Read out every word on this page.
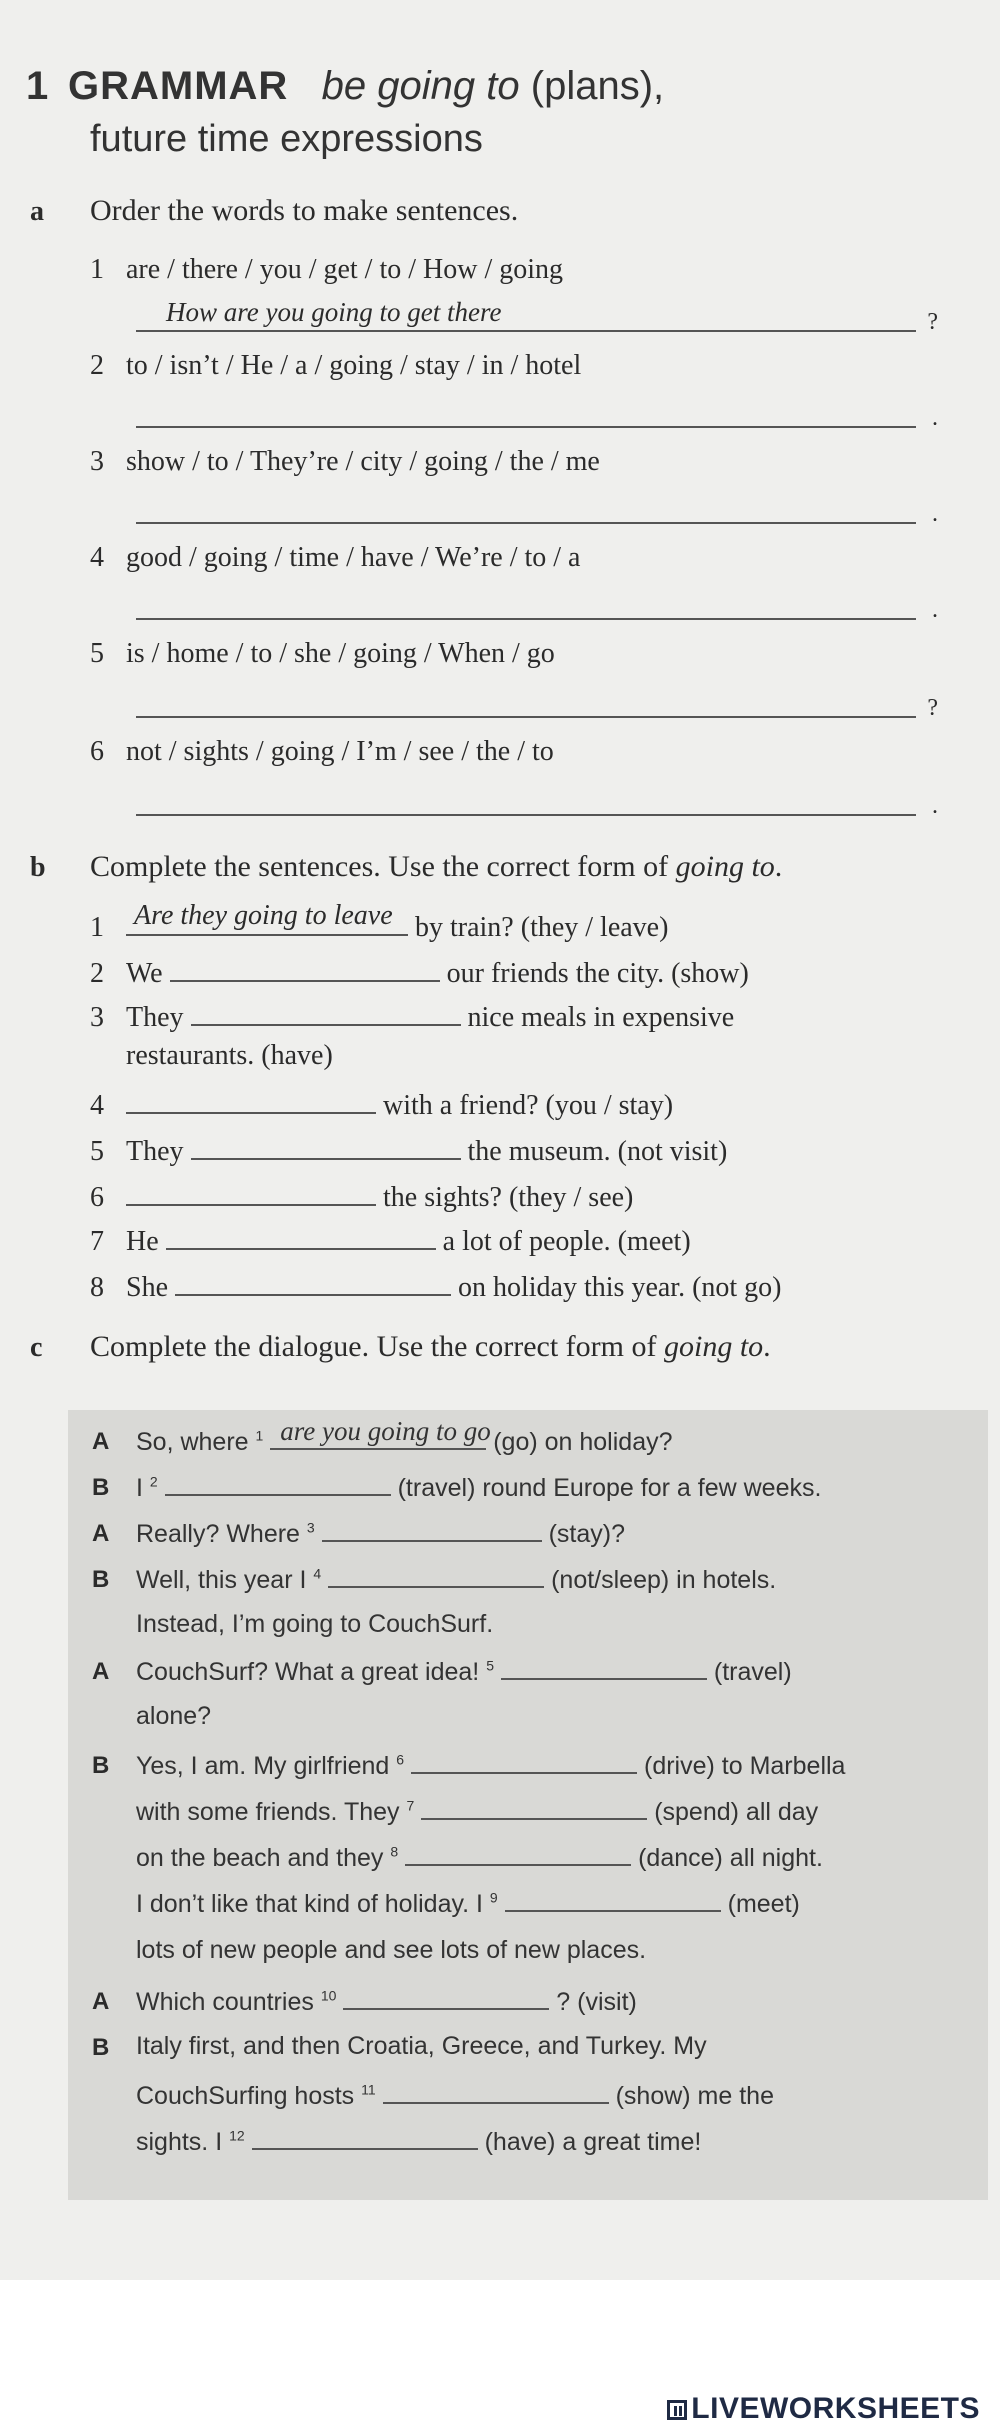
1 GRAMMAR be going to (plans),
future time expressions
a Order the words to make sentences.
1 are / there / you / get / to / How / going
How are you going to get there	?
2 to / isn’t / He / a / going / stay / in / hotel
.
3 show / to / They’re / city / going / the / me
.
4 good / going / time / have / We’re / to / a
.
5 is / home / to / she / going / When / go
?
6 not / sights / going / I’m / see / the / to
.
b Complete the sentences. Use the correct form of going to.
1 Are they going to leave by train? (they / leave)
2 We	our friends the city. (show)
3 They	nice meals in expensive
restaurants. (have)
4	with a friend? (you / stay)
5 They	the museum. (not visit)
6	the sights? (they / see)
7 He	a lot of people. (meet)
8 She	on holiday this year. (not go)
c Complete the dialogue. Use the correct form of going to.
A
B
A
B
A
B
A
B
So, where $^1$ are you going to go (go) on holiday?
I $^2$	(travel) round Europe for a few weeks.
Really? Where $^3$	(stay)?
Well, this year I $^4$	(not/sleep) in hotels.
Instead, I’m going to CouchSurf.
CouchSurf? What a great idea! $^5$	(travel)
alone?
Yes, I am. My girlfriend $^6$	(drive) to Marbella
with some friends. They $^7$	(spend) all day
on the beach and they $^8$	(dance) all night.
I don’t like that kind of holiday. I $^9$	(meet)
lots of new people and see lots of new places.
Which countries $^{10}$	? (visit)
Italy first, and then Croatia, Greece, and Turkey. My
CouchSurfing hosts $^{11}$	(show) me the
sights. I $^{12}$	(have) a great time!
LIVEWORKSHEETS
